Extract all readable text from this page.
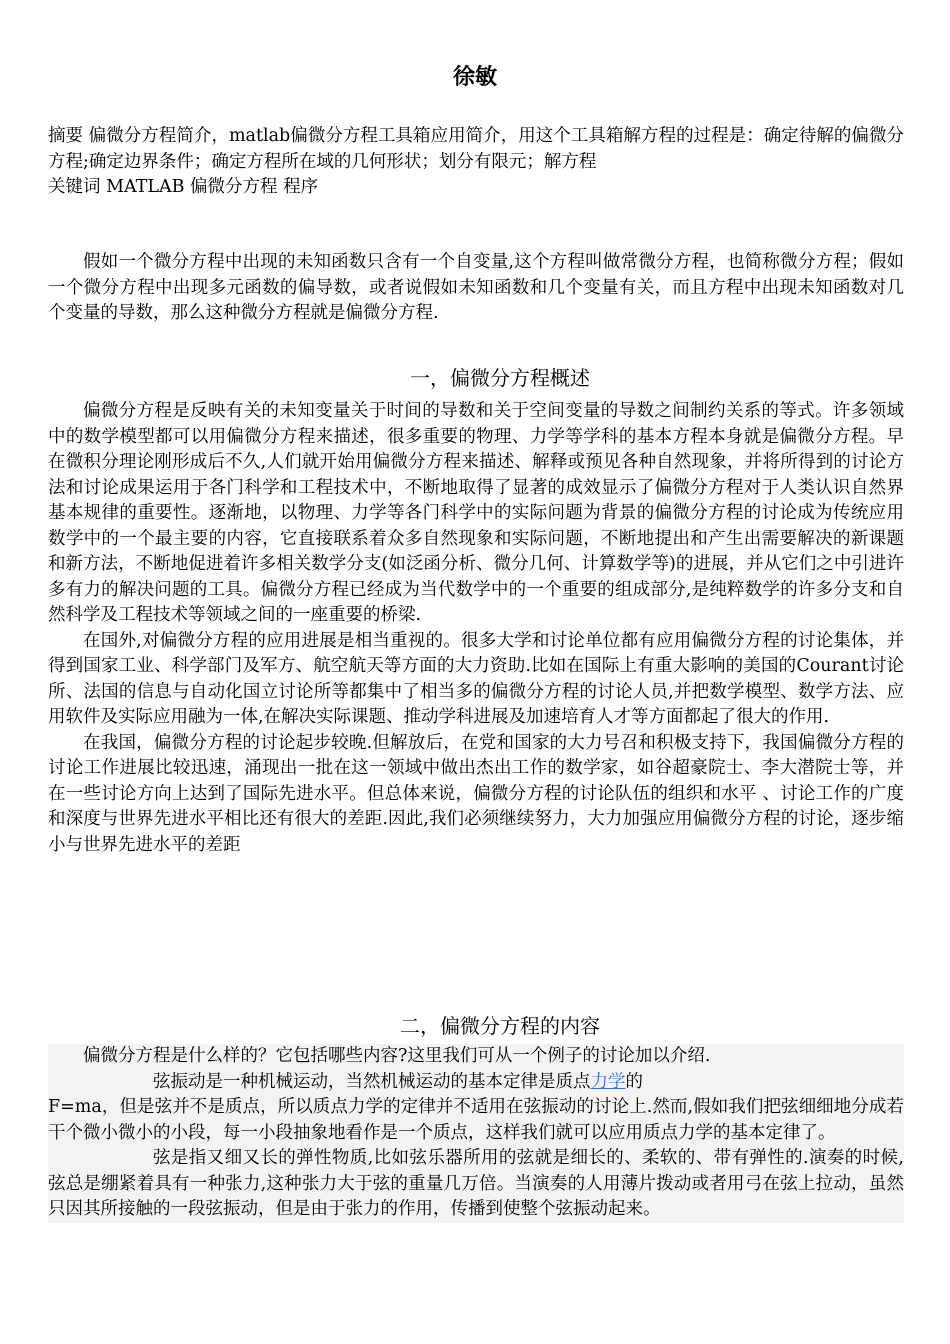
徐敏

摘要 偏微分方程简介，matlab偏微分方程工具箱应用简介，用这个工具箱解方程的过程是：确定待解的偏微分方程;确定边界条件；确定方程所在域的几何形状；划分有限元；解方程

关键词 MATLAB 偏微分方程 程序

假如一个微分方程中出现的未知函数只含有一个自变量,这个方程叫做常微分方程，也简称微分方程；假如一个微分方程中出现多元函数的偏导数，或者说假如未知函数和几个变量有关，而且方程中出现未知函数对几个变量的导数，那么这种微分方程就是偏微分方程.

一，偏微分方程概述

偏微分方程是反映有关的未知变量关于时间的导数和关于空间变量的导数之间制约关系的等式。许多领域中的数学模型都可以用偏微分方程来描述，很多重要的物理、力学等学科的基本方程本身就是偏微分方程。早在微积分理论刚形成后不久,人们就开始用偏微分方程来描述、解释或预见各种自然现象，并将所得到的讨论方法和讨论成果运用于各门科学和工程技术中，不断地取得了显著的成效显示了偏微分方程对于人类认识自然界基本规律的重要性。逐渐地，以物理、力学等各门科学中的实际问题为背景的偏微分方程的讨论成为传统应用数学中的一个最主要的内容，它直接联系着众多自然现象和实际问题，不断地提出和产生出需要解决的新课题和新方法，不断地促进着许多相关数学分支(如泛函分析、微分几何、计算数学等)的进展，并从它们之中引进许多有力的解决问题的工具。偏微分方程已经成为当代数学中的一个重要的组成部分,是纯粹数学的许多分支和自然科学及工程技术等领域之间的一座重要的桥梁.

在国外,对偏微分方程的应用进展是相当重视的。很多大学和讨论单位都有应用偏微分方程的讨论集体，并得到国家工业、科学部门及军方、航空航天等方面的大力资助.比如在国际上有重大影响的美国的Courant讨论所、法国的信息与自动化国立讨论所等都集中了相当多的偏微分方程的讨论人员,并把数学模型、数学方法、应用软件及实际应用融为一体,在解决实际课题、推动学科进展及加速培育人才等方面都起了很大的作用.

在我国，偏微分方程的讨论起步较晚.但解放后，在党和国家的大力号召和积极支持下，我国偏微分方程的讨论工作进展比较迅速，涌现出一批在这一领域中做出杰出工作的数学家，如谷超豪院士、李大潜院士等，并在一些讨论方向上达到了国际先进水平。但总体来说，偏微分方程的讨论队伍的组织和水平 、讨论工作的广度和深度与世界先进水平相比还有很大的差距.因此,我们必须继续努力，大力加强应用偏微分方程的讨论，逐步缩小与世界先进水平的差距

二，偏微分方程的内容

偏微分方程是什么样的？它包括哪些内容?这里我们可从一个例子的讨论加以介绍.

弦振动是一种机械运动，当然机械运动的基本定律是质点力学的

F=ma，但是弦并不是质点，所以质点力学的定律并不适用在弦振动的讨论上.然而,假如我们把弦细细地分成若干个微小微小的小段，每一小段抽象地看作是一个质点，这样我们就可以应用质点力学的基本定律了。

弦是指又细又长的弹性物质,比如弦乐器所用的弦就是细长的、柔软的、带有弹性的.演奏的时候,弦总是绷紧着具有一种张力,这种张力大于弦的重量几万倍。当演奏的人用薄片拨动或者用弓在弦上拉动，虽然只因其所接触的一段弦振动，但是由于张力的作用，传播到使整个弦振动起来。
